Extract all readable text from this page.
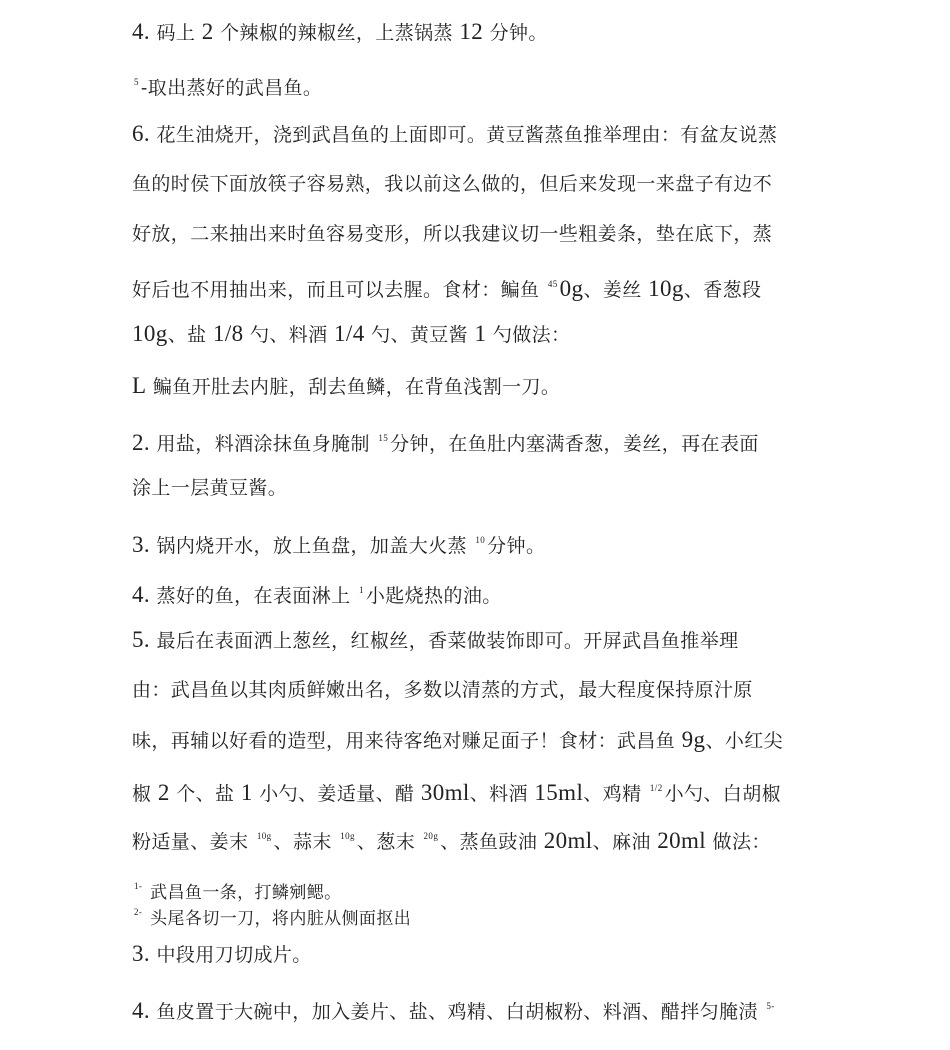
4. 码上 2 个辣椒的辣椒丝，上蒸锅蒸 12 分钟。
$^5$ -取出蒸好的武昌鱼。
6. 花生油烧开，浇到武昌鱼的上面即可。黄豆酱蒸鱼推举理由：有盆友说蒸
鱼的时侯下面放筷子容易熟，我以前这么做的，但后来发现一来盘子有边不
好放，二来抽出来时鱼容易变形，所以我建议切一些粗姜条，垫在底下，蒸
好后也不用抽出来，而且可以去腥。食材：鳊鱼 $^{45}$0g、姜丝 10g、香葱段
10g、盐 1/8 勺、料酒 1/4 勺、黄豆酱 1 勺做法：
L 鳊鱼开肚去内脏，刮去鱼鳞，在背鱼浅割一刀。
2. 用盐，料酒涂抹鱼身腌制 $^{15}$ 分钟，在鱼肚内塞满香葱，姜丝，再在表面
涂上一层黄豆酱。
3. 锅内烧开水，放上鱼盘，加盖大火蒸 $^{10}$ 分钟。
4. 蒸好的鱼，在表面淋上 $^1$ 小匙烧热的油。
5. 最后在表面洒上葱丝，红椒丝，香菜做装饰即可。开屏武昌鱼推举理
由：武昌鱼以其肉质鲜嫩出名，多数以清蒸的方式，最大程度保持原汁原
味，再辅以好看的造型，用来待客绝对赚足面子！食材：武昌鱼 9g、小红尖
椒 2 个、盐 1 小勺、姜适量、醋 30ml、料酒 15ml、鸡精 $^{1/2}$ 小勺、白胡椒
粉适量、姜末 $^{10g}$ 、蒜末 $^{10g}$ 、葱末 $^{20g}$ 、蒸鱼豉油 20ml、麻油 20ml 做法：
$^{1-}$ 武昌鱼一条，打鳞剜鳃。
$^{2-}$ 头尾各切一刀，将内脏从侧面抠出
3. 中段用刀切成片。
4. 鱼皮置于大碗中，加入姜片、盐、鸡精、白胡椒粉、料酒、醋拌匀腌渍 $^{5-}$
